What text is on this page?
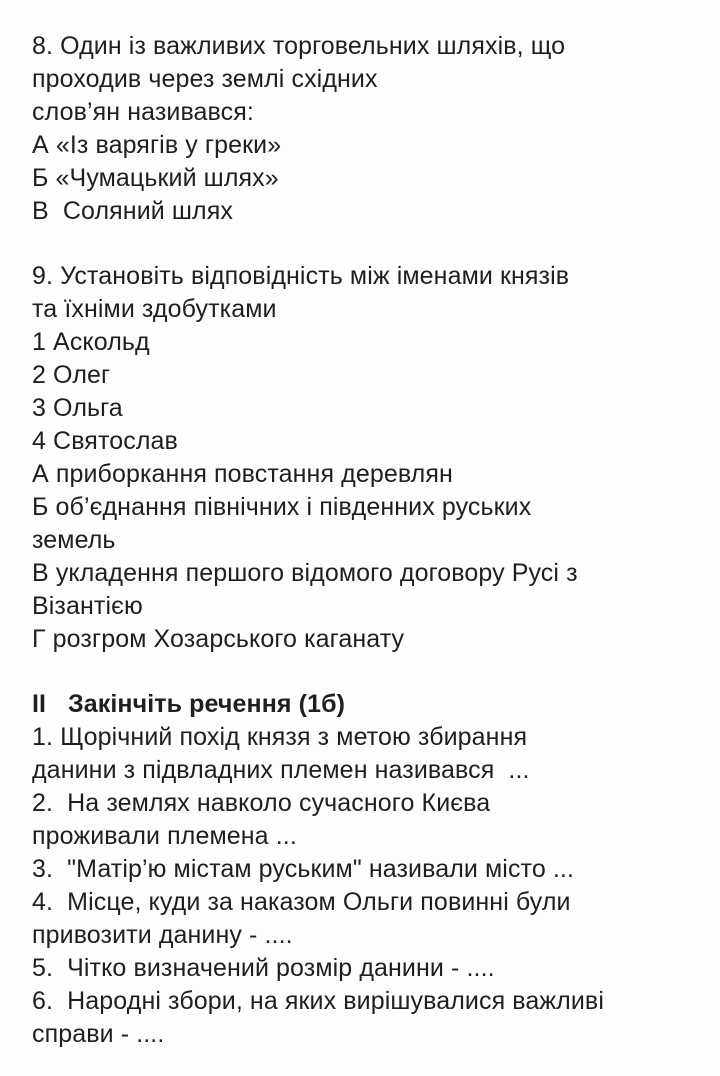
8. Один із важливих торговельних шляхів, що
проходив через землі східних
слов’ян називався:
А «Із варягів у греки»
Б «Чумацький шлях»
В  Соляний шлях
9. Установіть відповідність між іменами князів
та їхніми здобутками
1 Аскольд
2 Олег
3 Ольга
4 Святослав
А приборкання повстання деревлян
Б об’єднання північних і південних руських
земель
В укладення першого відомого договору Русі з
Візантією
Г розгром Хозарського каганату
II Закінчіть речення (1б)
1. Щорічний похід князя з метою збирання
данини з підвладних племен називався  ...
2.  На землях навколо сучасного Києва
проживали племена ...
3.  "Матір’ю містам руським" називали місто ...
4.  Місце, куди за наказом Ольги повинні були
привозити данину - ....
5.  Чітко визначений розмір данини - ....
6.  Народні збори, на яких вирішувалися важливі
справи - ....
